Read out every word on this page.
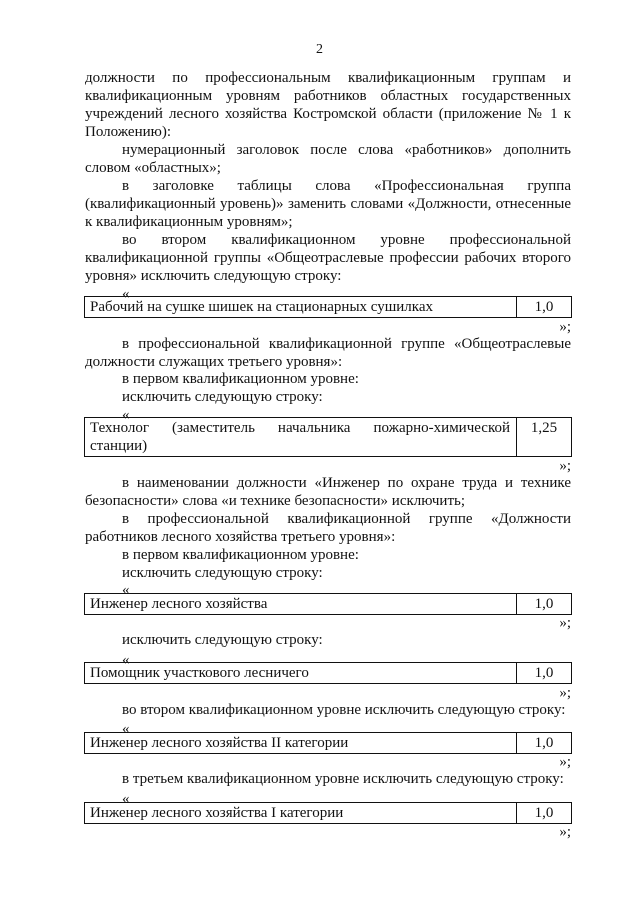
2
должности по профессиональным квалификационным группам и
квалификационным уровням работников областных государственных
учреждений лесного хозяйства Костромской области (приложение № 1 к
Положению):
нумерационный заголовок после слова «работников» дополнить
словом «областных»;
в заголовке таблицы слова «Профессиональная группа
(квалификационный уровень)» заменить словами «Должности, отнесенные
к квалификационным уровням»;
во втором квалификационном уровне профессиональной
квалификационной группы «Общеотраслевые профессии рабочих второго
уровня» исключить следующую строку:
«
Рабочий на сушке шишек на стационарных сушилках	1,0
»;
в профессиональной квалификационной группе «Общеотраслевые
должности служащих третьего уровня»:
в первом квалификационном уровне:
исключить следующую строку:
«
Технолог (заместитель начальника пожарно-химической
станции)
	1,25
»;
в наименовании должности «Инженер по охране труда и технике
безопасности» слова «и технике безопасности» исключить;
в профессиональной квалификационной группе «Должности
работников лесного хозяйства третьего уровня»:
в первом квалификационном уровне:
исключить следующую строку:
«
Инженер лесного хозяйства	1,0
»;
исключить следующую строку:
«
Помощник участкового лесничего	1,0
»;
во втором квалификационном уровне исключить следующую строку:
«
Инженер лесного хозяйства II категории	1,0
»;
в третьем квалификационном уровне исключить следующую строку:
«
Инженер лесного хозяйства I категории	1,0
»;
